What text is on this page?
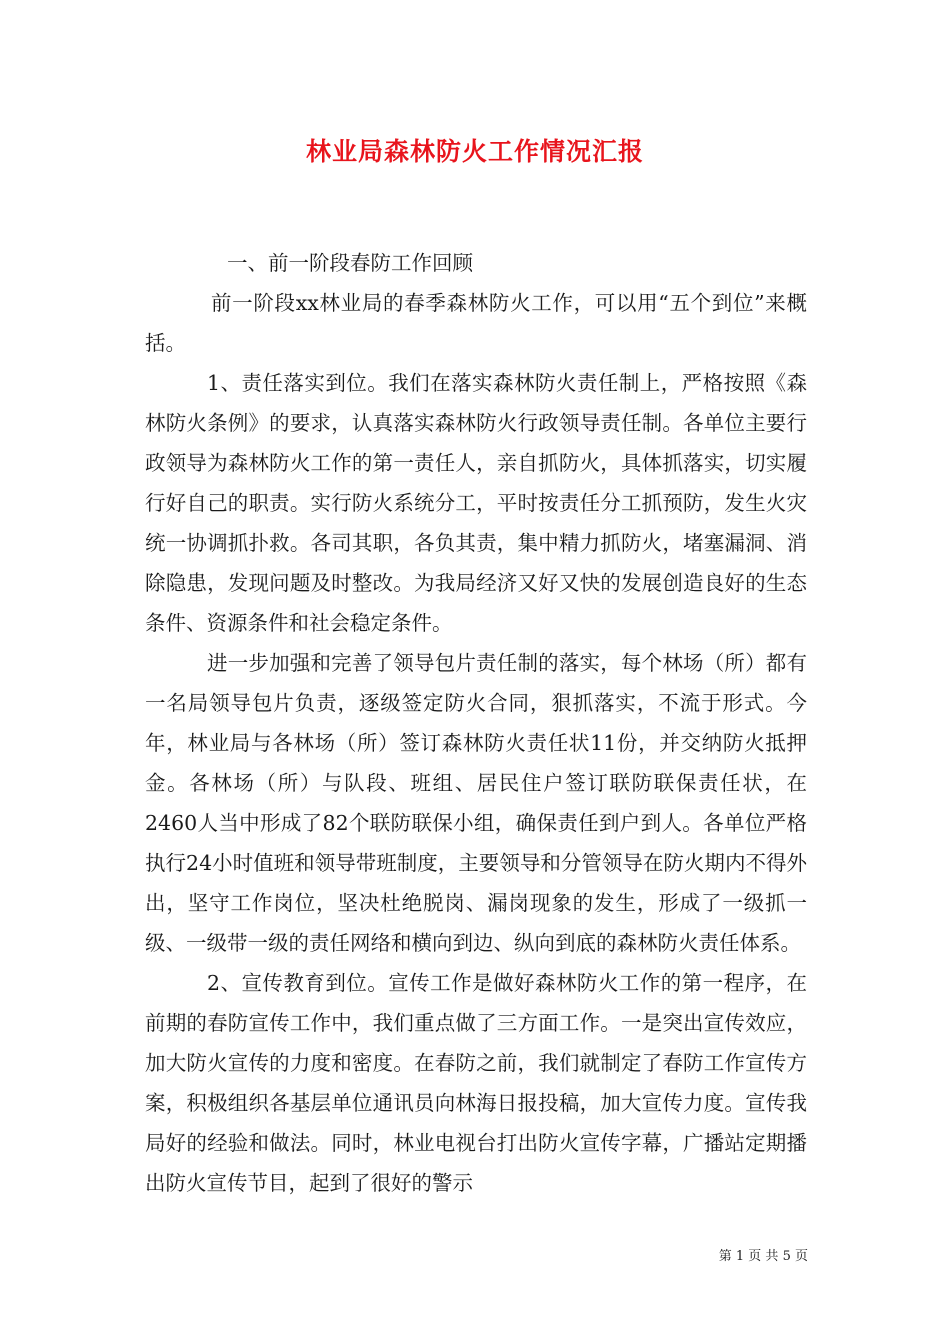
林业局森林防火工作情况汇报

一、前一阶段春防工作回顾

前一阶段xx林业局的春季森林防火工作，可以用“五个到位”来概括。

1、责任落实到位。我们在落实森林防火责任制上，严格按照《森林防火条例》的要求，认真落实森林防火行政领导责任制。各单位主要行政领导为森林防火工作的第一责任人，亲自抓防火，具体抓落实，切实履行好自己的职责。实行防火系统分工，平时按责任分工抓预防，发生火灾统一协调抓扑救。各司其职，各负其责，集中精力抓防火，堵塞漏洞、消除隐患，发现问题及时整改。为我局经济又好又快的发展创造良好的生态条件、资源条件和社会稳定条件。

进一步加强和完善了领导包片责任制的落实，每个林场（所）都有一名局领导包片负责，逐级签定防火合同，狠抓落实，不流于形式。今年，林业局与各林场（所）签订森林防火责任状11份，并交纳防火抵押金。各林场（所）与队段、班组、居民住户签订联防联保责任状，在2460人当中形成了82个联防联保小组，确保责任到户到人。各单位严格执行24小时值班和领导带班制度，主要领导和分管领导在防火期内不得外出，坚守工作岗位，坚决杜绝脱岗、漏岗现象的发生，形成了一级抓一级、一级带一级的责任网络和横向到边、纵向到底的森林防火责任体系。

2、宣传教育到位。宣传工作是做好森林防火工作的第一程序，在前期的春防宣传工作中，我们重点做了三方面工作。一是突出宣传效应，加大防火宣传的力度和密度。在春防之前，我们就制定了春防工作宣传方案，积极组织各基层单位通讯员向林海日报投稿，加大宣传力度。宣传我局好的经验和做法。同时，林业电视台打出防火宣传字幕，广播站定期播出防火宣传节目，起到了很好的警示

第 1 页 共 5 页
